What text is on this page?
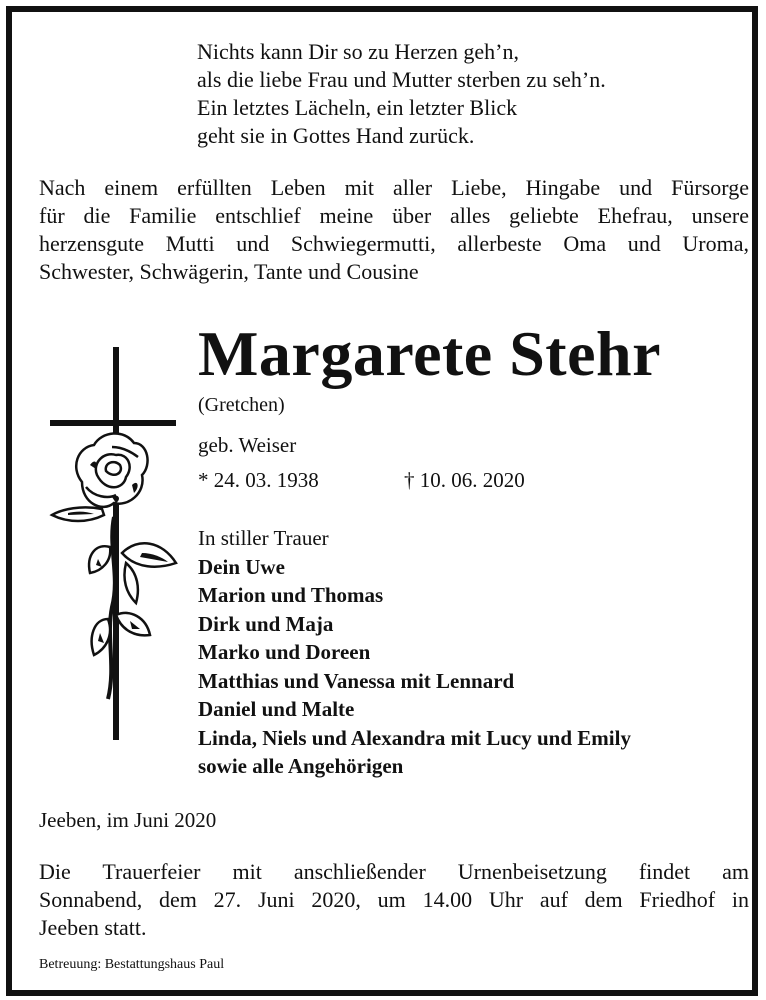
Nichts kann Dir so zu Herzen geh’n,
als die liebe Frau und Mutter sterben zu seh’n.
Ein letztes Lächeln, ein letzter Blick
geht sie in Gottes Hand zurück.
Nach einem erfüllten Leben mit aller Liebe, Hingabe und Fürsorge
für die Familie entschlief meine über alles geliebte Ehefrau, unsere
herzensgute Mutti und Schwiegermutti, allerbeste Oma und Uroma,
Schwester, Schwägerin, Tante und Cousine
Margarete Stehr
(Gretchen)
geb. Weiser
* 24. 03. 1938	† 10. 06. 2020
In stiller Trauer
Dein Uwe
Marion und Thomas
Dirk und Maja
Marko und Doreen
Matthias und Vanessa mit Lennard
Daniel und Malte
Linda, Niels und Alexandra mit Lucy und Emily
sowie alle Angehörigen
Jeeben, im Juni 2020
Die Trauerfeier mit anschließender Urnenbeisetzung findet am
Sonnabend, dem 27. Juni 2020, um 14.00 Uhr auf dem Friedhof in
Jeeben statt.
Betreuung: Bestattungshaus Paul
